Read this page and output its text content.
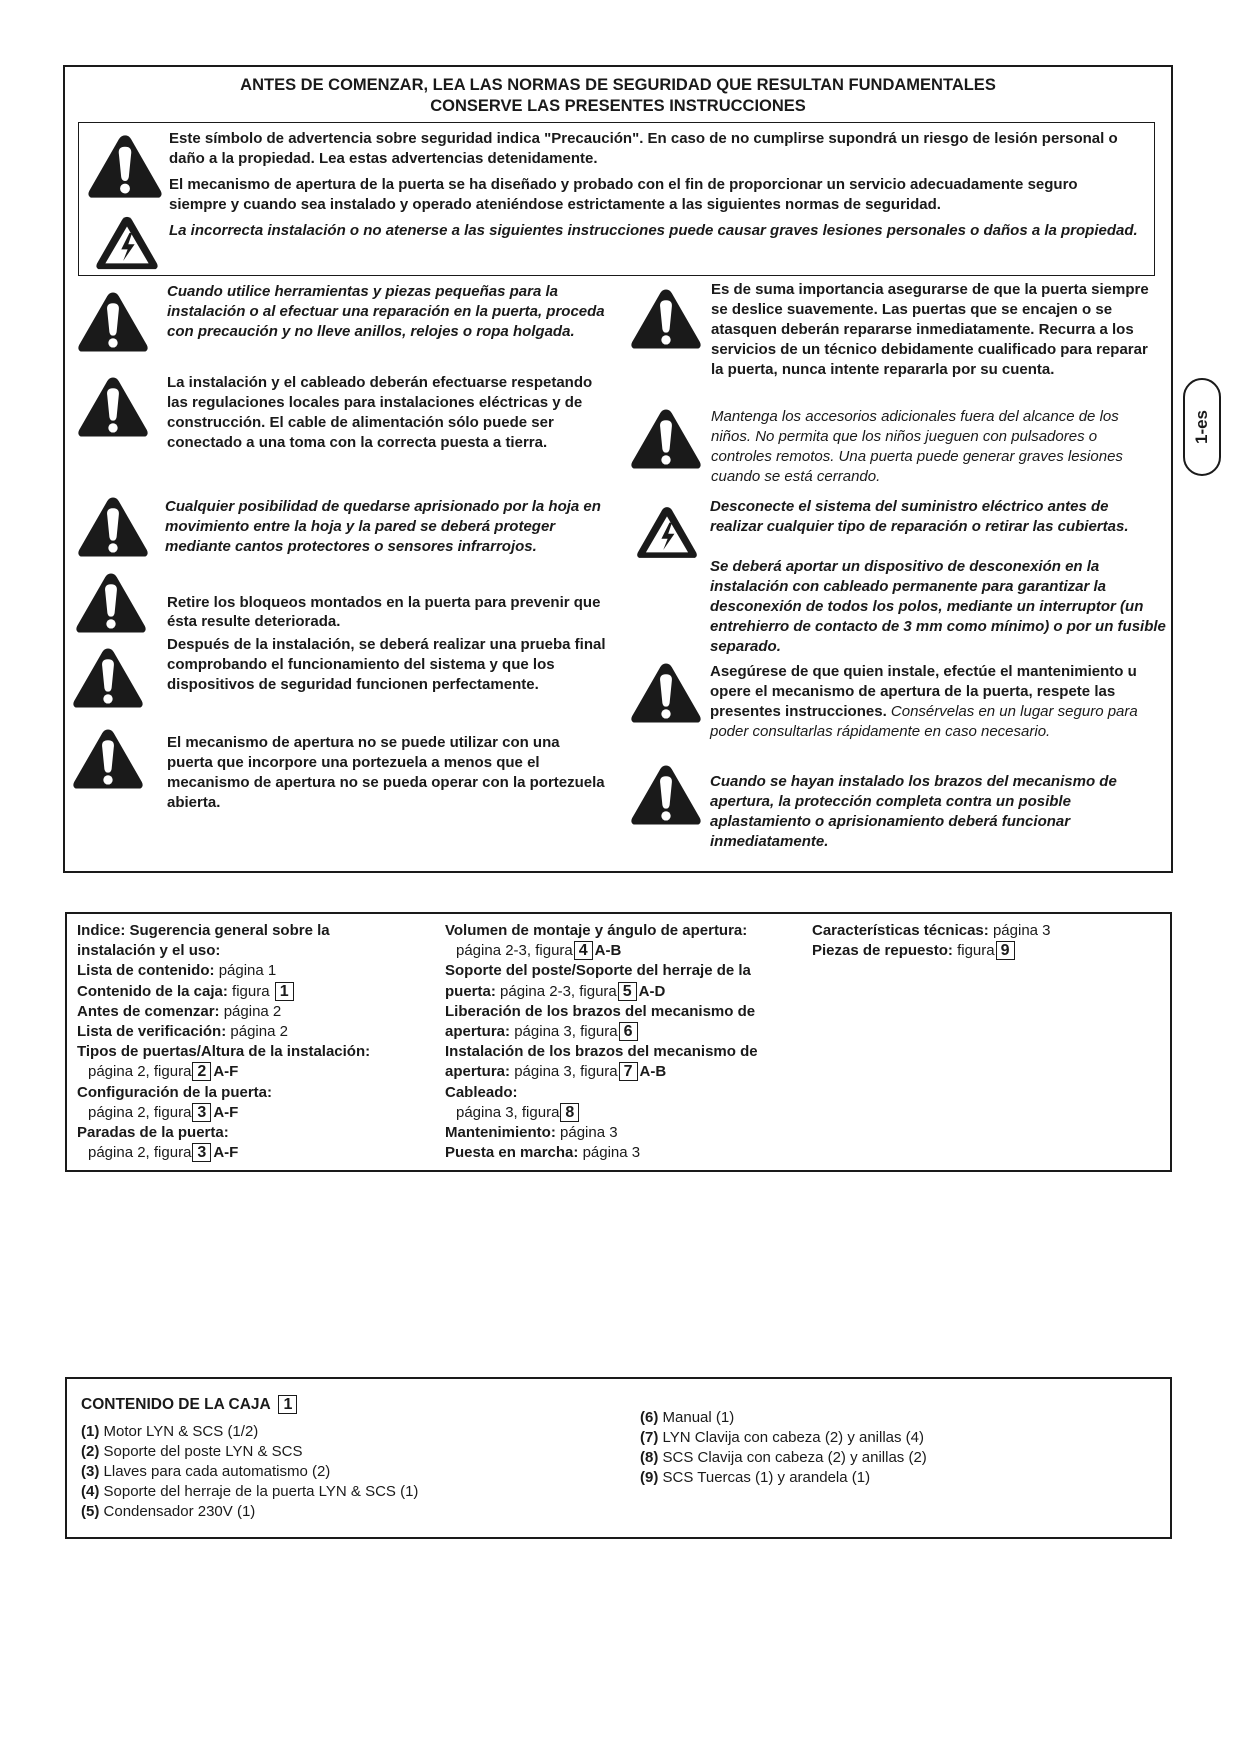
ANTES DE COMENZAR, LEA LAS NORMAS DE SEGURIDAD QUE RESULTAN FUNDAMENTALES
CONSERVE LAS PRESENTES INSTRUCCIONES
Este símbolo de advertencia sobre seguridad indica "Precaución". En caso de no cumplirse supondrá un riesgo de lesión personal o daño a la propiedad. Lea estas advertencias detenidamente.
El mecanismo de apertura de la puerta se ha diseñado y probado con el fin de proporcionar un servicio adecuadamente seguro siempre y cuando sea instalado y operado ateniéndose estrictamente a las siguientes normas de seguridad.
La incorrecta instalación o no atenerse a las siguientes instrucciones puede causar graves lesiones personales o daños a la propiedad.
Cuando utilice herramientas y piezas pequeñas para la instalación o al efectuar una reparación en la puerta, proceda con precaución y no lleve anillos, relojes o ropa holgada.
La instalación y el cableado deberán efectuarse respetando las regulaciones locales para instalaciones eléctricas y de construcción. El cable de alimentación sólo puede ser conectado a una toma con la correcta puesta a tierra.
Cualquier posibilidad de quedarse aprisionado por la hoja en movimiento entre la hoja y la pared se deberá proteger mediante cantos protectores o sensores infrarrojos.
Retire los bloqueos montados en la puerta para prevenir que ésta resulte deteriorada.
Después de la instalación, se deberá realizar una prueba final comprobando el funcionamiento del sistema y que los dispositivos de seguridad funcionen perfectamente.
El mecanismo de apertura no se puede utilizar con una puerta que incorpore una portezuela a menos que el mecanismo de apertura no se pueda operar con la portezuela abierta.
Es de suma importancia asegurarse de que la puerta siempre se deslice suavemente. Las puertas que se encajen o se atasquen deberán repararse inmediatamente. Recurra a los servicios de un técnico debidamente cualificado para reparar la puerta, nunca intente repararla por su cuenta.
Mantenga los accesorios adicionales fuera del alcance de los niños. No permita que los niños jueguen con pulsadores o controles remotos. Una puerta puede generar graves lesiones cuando se está cerrando.
Desconecte el sistema del suministro eléctrico antes de realizar cualquier tipo de reparación o retirar las cubiertas.
Se deberá aportar un dispositivo de desconexión en la instalación con cableado permanente para garantizar la desconexión de todos los polos, mediante un interruptor (un entrehierro de contacto de 3 mm como mínimo) o por un fusible separado.
Asegúrese de que quien instale, efectúe el mantenimiento u opere el mecanismo de apertura de la puerta, respete las presentes instrucciones. Consérvelas en un lugar seguro para poder consultarlas rápidamente en caso necesario.
Cuando se hayan instalado los brazos del mecanismo de apertura, la protección completa contra un posible aplastamiento o aprisionamiento deberá funcionar inmediatamente.
1-es
Indice: Sugerencia general sobre la
instalación y el uso:
Lista de contenido: página 1
Contenido de la caja: figura 1
Antes de comenzar: página 2
Lista de verificación: página 2
Tipos de puertas/Altura de la instalación:
página 2, figura 2 A-F
Configuración de la puerta:
página 2, figura 3 A-F
Paradas de la puerta:
página 2, figura 3 A-F
Volumen de montaje y ángulo de apertura:
página 2-3, figura 4 A-B
Soporte del poste/Soporte del herraje de la
puerta: página 2-3, figura 5 A-D
Liberación de los brazos del mecanismo de
apertura: página 3, figura 6
Instalación de los brazos del mecanismo de
apertura: página 3, figura 7 A-B
Cableado:
página 3, figura 8
Mantenimiento: página 3
Puesta en marcha: página 3
Características técnicas: página 3
Piezas de repuesto: figura 9
CONTENIDO DE LA CAJA 1
(1) Motor LYN & SCS (1/2)
(2) Soporte del poste LYN & SCS
(3) Llaves para cada automatismo (2)
(4) Soporte del herraje de la puerta LYN & SCS (1)
(5) Condensador 230V (1)
(6) Manual (1)
(7) LYN Clavija con cabeza (2) y anillas (4)
(8) SCS Clavija con cabeza (2) y anillas (2)
(9) SCS Tuercas (1) y arandela (1)
